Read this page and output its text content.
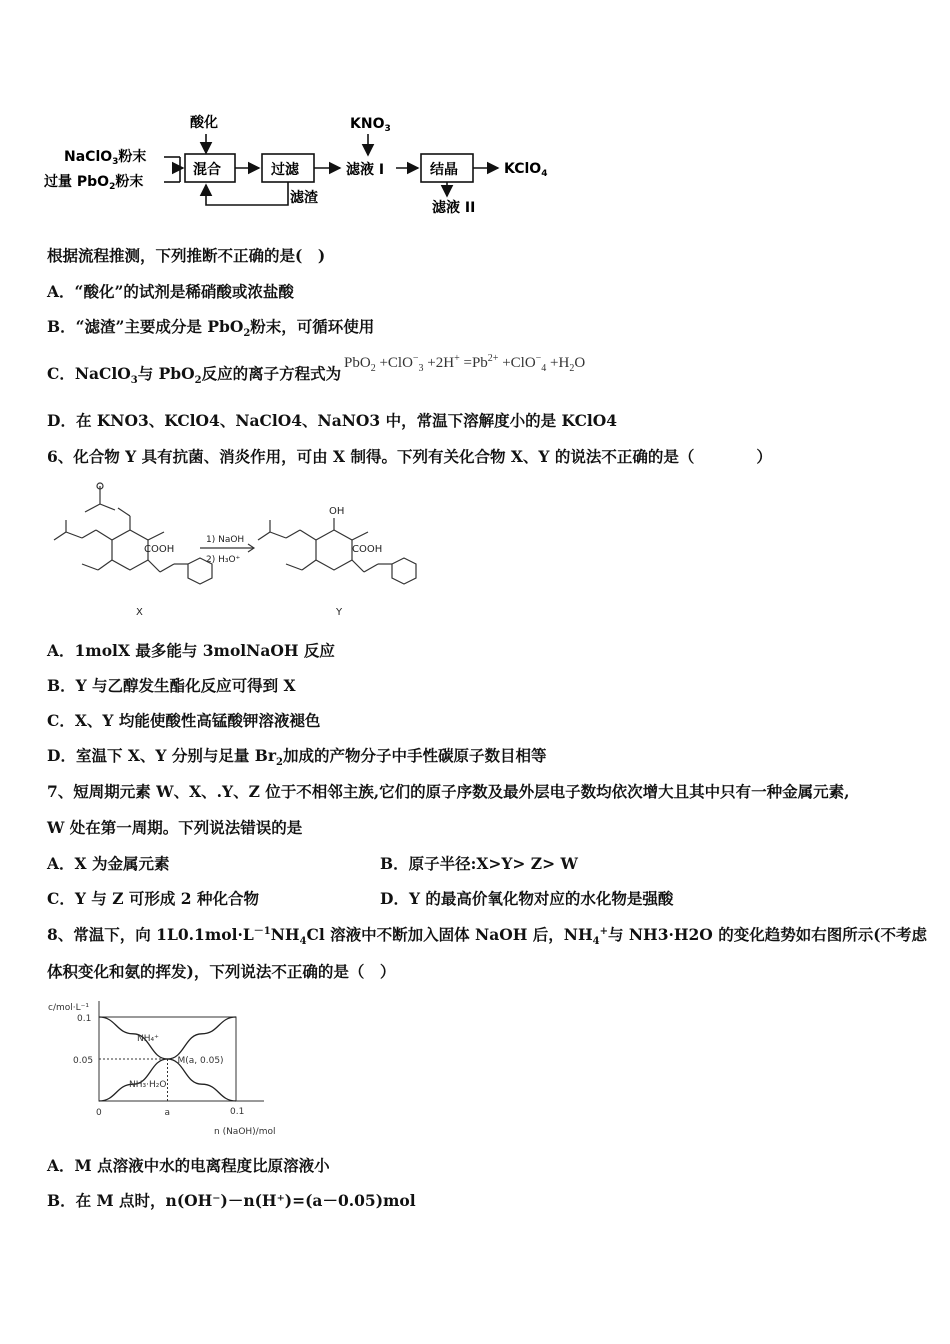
酸化	$KNO_3$
NaClO$_3$粉末
过量 PbO$_2$粉末
混合	过滤	滤液 I	结晶	KClO$_4$
滤液 II
滤渣
根据流程推测，下列推断不正确的是(　)
A．“酸化”的试剂是稀硝酸或浓盐酸
B．“滤渣”主要成分是 PbO$_2$粉末，可循环使用
C．NaClO$_3$与 PbO$_2$反应的离子方程式为
$PbO_2 +ClO^-_3 +2H^+ =Pb^{2+} +ClO^-_4 +H_2O$
D．在 KNO3、KClO4、NaClO4、NaNO3 中，常温下溶解度小的是 KClO4
6、化合物 Y 具有抗菌、消炎作用，可由 X 制得。下列有关化合物 X、Y 的说法不正确的是（　　　　）
COOH
X
1) NaOH
2) H₃O⁺
OH
COOH
Y
A．1molX 最多能与 3molNaOH 反应
B．Y 与乙醇发生酯化反应可得到 X
C．X、Y 均能使酸性高锰酸钾溶液褪色
D．室温下 X、Y 分别与足量 $Br_2$加成的产物分子中手性碳原子数目相等
7、短周期元素 W、X、.Y、Z 位于不相邻主族,它们的原子序数及最外层电子数均依次增大且其中只有一种金属元素,
W 处在第一周期。下列说法错误的是
A．X 为金属元素	B．原子半径:X>Y> Z> W
C．Y 与 Z 可形成 2 种化合物	D．Y 的最高价氧化物对应的水化物是强酸
8、常温下，向 $1L0.1mol\cdot L^{-1}NH_4Cl$ 溶液中不断加入固体 NaOH 后，$NH_4^+$与 NH3·H2O 的变化趋势如右图所示(不考虑
体积变化和氨的挥发)，下列说法不正确的是（　）
c/mol·L⁻¹
n (NaOH)/mol
0.1
0.05
0	a	0.1
NH₄⁺
NH₃·H₂O
M(a, 0.05)
A．M 点溶液中水的电离程度比原溶液小
B．在 M 点时，n(OH⁻)－n(H⁺)=(a－0.05)mol
